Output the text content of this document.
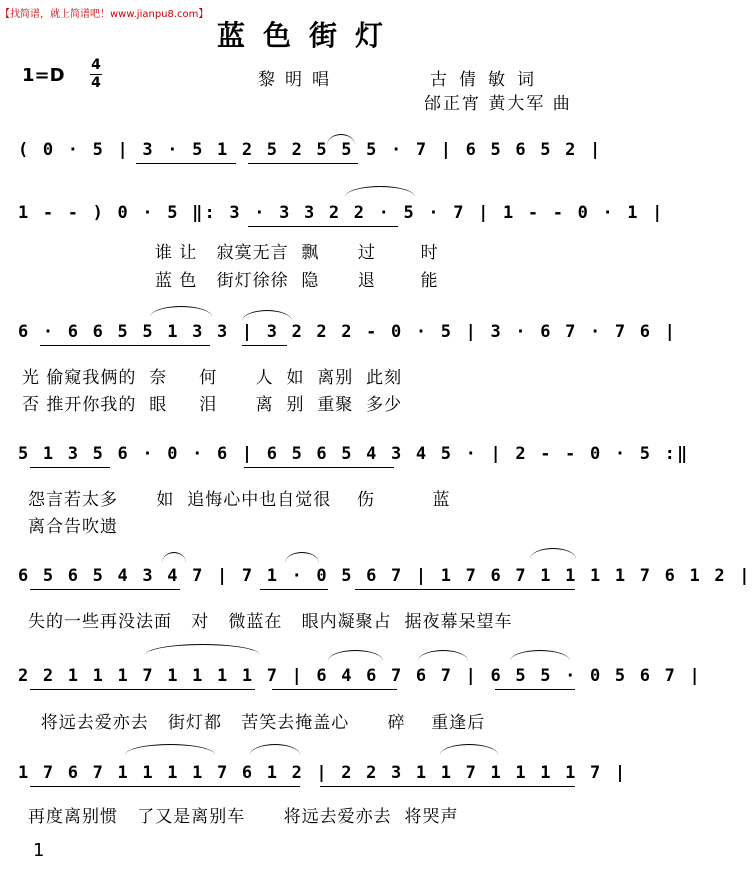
【找简谱，就上简谱吧！www.jianpu8.com】
蓝色街灯
1=D 4
4	黎明唱	古倩敏词
邰正宵 黄大军 曲
( 0 · 5 | 3 · 5 1 2 5 2 5 5 5 · 7 | 6 5 6 5 2 |
1 - - ) 0 · 5 ‖: 3 · 3 3 2 2 · 5 · 7 | 1 - - 0 · 1 |
谁 让   寂寞无言  飘      过       时
蓝 色   街灯徐徐  隐      退       能
6 · 6 6 5 5 1 3 3 | 3 2 2 2 - 0 · 5 | 3 · 6 7 · 7 6 |
光 偷窥我俩的  奈     何      人  如  离别  此刻
否 推开你我的  眼     泪      离  别  重聚  多少
5 1 3 5 6 · 0 · 6 | 6 5 6 5 4 3 4 5 · | 2 - - 0 · 5 :‖
怨言若太多      如  追悔心中也自觉很    伤         蓝
离合告吹遗
6 5 6 5 4 3 4 7 | 7 1 · 0 5 6 7 | 1 7 6 7 1 1 1 1 7 6 1 2 |
失的一些再没法面   对   微蓝在   眼内凝聚占  据夜幕呆望车
2 2 1 1 1 7 1 1 1 1 7 | 6 4 6 7 6 7 | 6 5 5 · 0 5 6 7 |
将远去爱亦去   街灯都   苦笑去掩盖心      碎    重逢后
1 7 6 7 1 1 1 1 7 6 1 2 | 2 2 3 1 1 7 1 1 1 1 7 |
再度离别惯   了又是离别车      将远去爱亦去  将哭声
1
